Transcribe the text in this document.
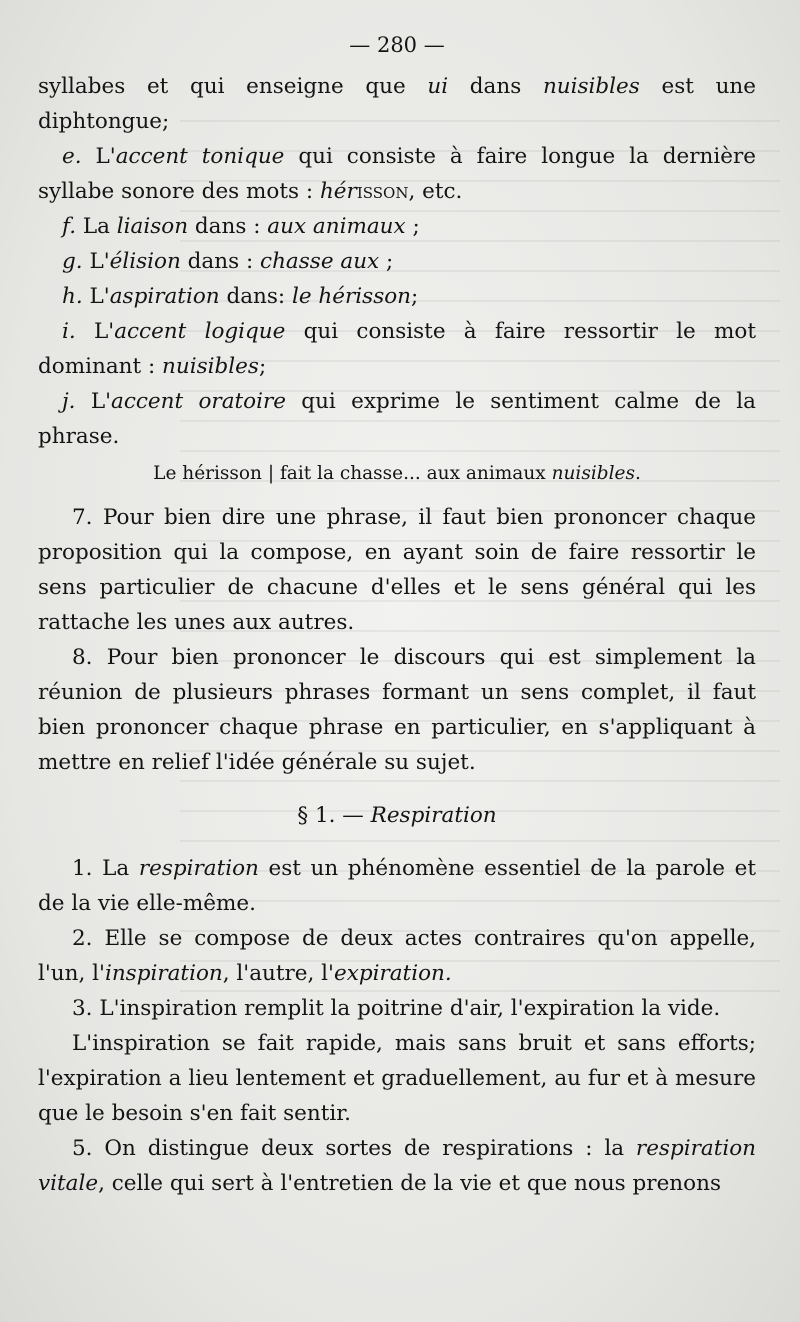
— 280 —

syllabes et qui enseigne que ui dans nuisibles est une diphtongue;

e. L'accent tonique qui consiste à faire longue la dernière syllabe sonore des mots : hérisson, etc.

f. La liaison dans : aux animaux ;

g. L'élision dans : chasse aux ;

h. L'aspiration dans: le hérisson;

i. L'accent logique qui consiste à faire ressortir le mot dominant : nuisibles;

j. L'accent oratoire qui exprime le sentiment calme de la phrase.

Le hérisson | fait la chasse... aux animaux nuisibles.

7. Pour bien dire une phrase, il faut bien prononcer chaque proposition qui la compose, en ayant soin de faire ressortir le sens particulier de chacune d'elles et le sens général qui les rattache les unes aux autres.

8. Pour bien prononcer le discours qui est simplement la réunion de plusieurs phrases formant un sens complet, il faut bien prononcer chaque phrase en particulier, en s'appliquant à mettre en relief l'idée générale su sujet.

§ 1. — Respiration

1. La respiration est un phénomène essentiel de la parole et de la vie elle-même.

2. Elle se compose de deux actes contraires qu'on appelle, l'un, l'inspiration, l'autre, l'expiration.

3. L'inspiration remplit la poitrine d'air, l'expiration la vide.

L'inspiration se fait rapide, mais sans bruit et sans efforts; l'expiration a lieu lentement et graduellement, au fur et à mesure que le besoin s'en fait sentir.

5. On distingue deux sortes de respirations : la respiration vitale, celle qui sert à l'entretien de la vie et que nous prenons
